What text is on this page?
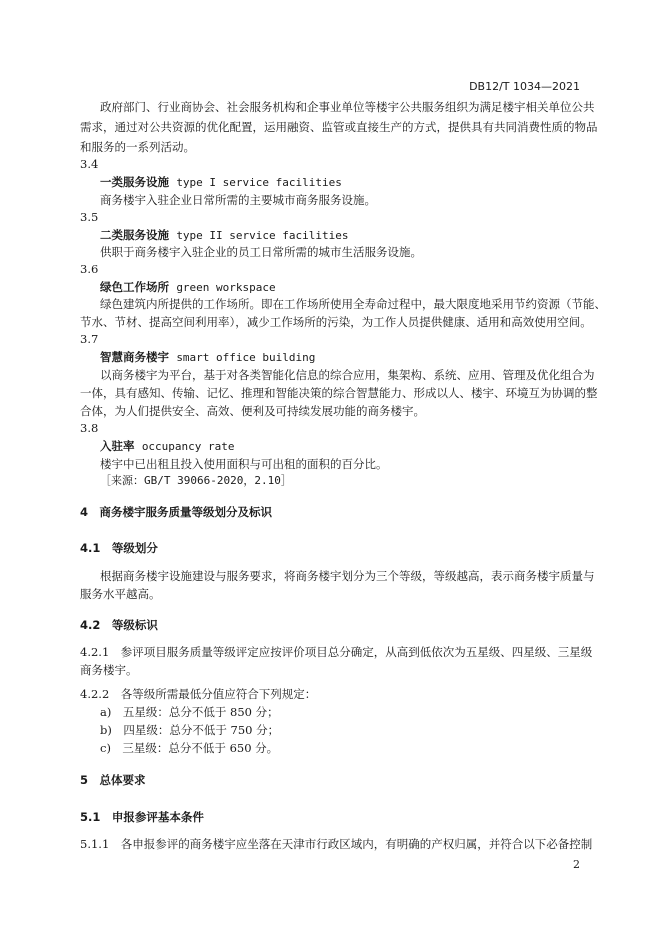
DB12/T 1034—2021
政府部门、行业商协会、社会服务机构和企事业单位等楼宇公共服务组织为满足楼宇相关单位公共
需求，通过对公共资源的优化配置，运用融资、监管或直接生产的方式，提供具有共同消费性质的物品
和服务的一系列活动。
3.4
一类服务设施 type I service facilities
商务楼宇入驻企业日常所需的主要城市商务服务设施。
3.5
二类服务设施 type II service facilities
供职于商务楼宇入驻企业的员工日常所需的城市生活服务设施。
3.6
绿色工作场所 green workspace
绿色建筑内所提供的工作场所。即在工作场所使用全寿命过程中，最大限度地采用节约资源（节能、
节水、节材、提高空间利用率），减少工作场所的污染，为工作人员提供健康、适用和高效使用空间。
3.7
智慧商务楼宇 smart office building
以商务楼宇为平台，基于对各类智能化信息的综合应用，集架构、系统、应用、管理及优化组合为
一体，具有感知、传输、记忆、推理和智能决策的综合智慧能力、形成以人、楼宇、环境互为协调的整
合体，为人们提供安全、高效、便利及可持续发展功能的商务楼宇。
3.8
入驻率 occupancy rate
楼宇中已出租且投入使用面积与可出租的面积的百分比。
［来源：GB/T 39066-2020，2.10］
4　商务楼宇服务质量等级划分及标识
4.1　等级划分
根据商务楼宇设施建设与服务要求，将商务楼宇划分为三个等级，等级越高，表示商务楼宇质量与
服务水平越高。
4.2　等级标识
4.2.1　参评项目服务质量等级评定应按评价项目总分确定，从高到低依次为五星级、四星级、三星级
商务楼宇。
4.2.2　各等级所需最低分值应符合下列规定：
a)　五星级：总分不低于 850 分；
b)　四星级：总分不低于 750 分；
c)　三星级：总分不低于 650 分。
5　总体要求
5.1　申报参评基本条件
5.1.1　各申报参评的商务楼宇应坐落在天津市行政区域内，有明确的产权归属，并符合以下必备控制
2
